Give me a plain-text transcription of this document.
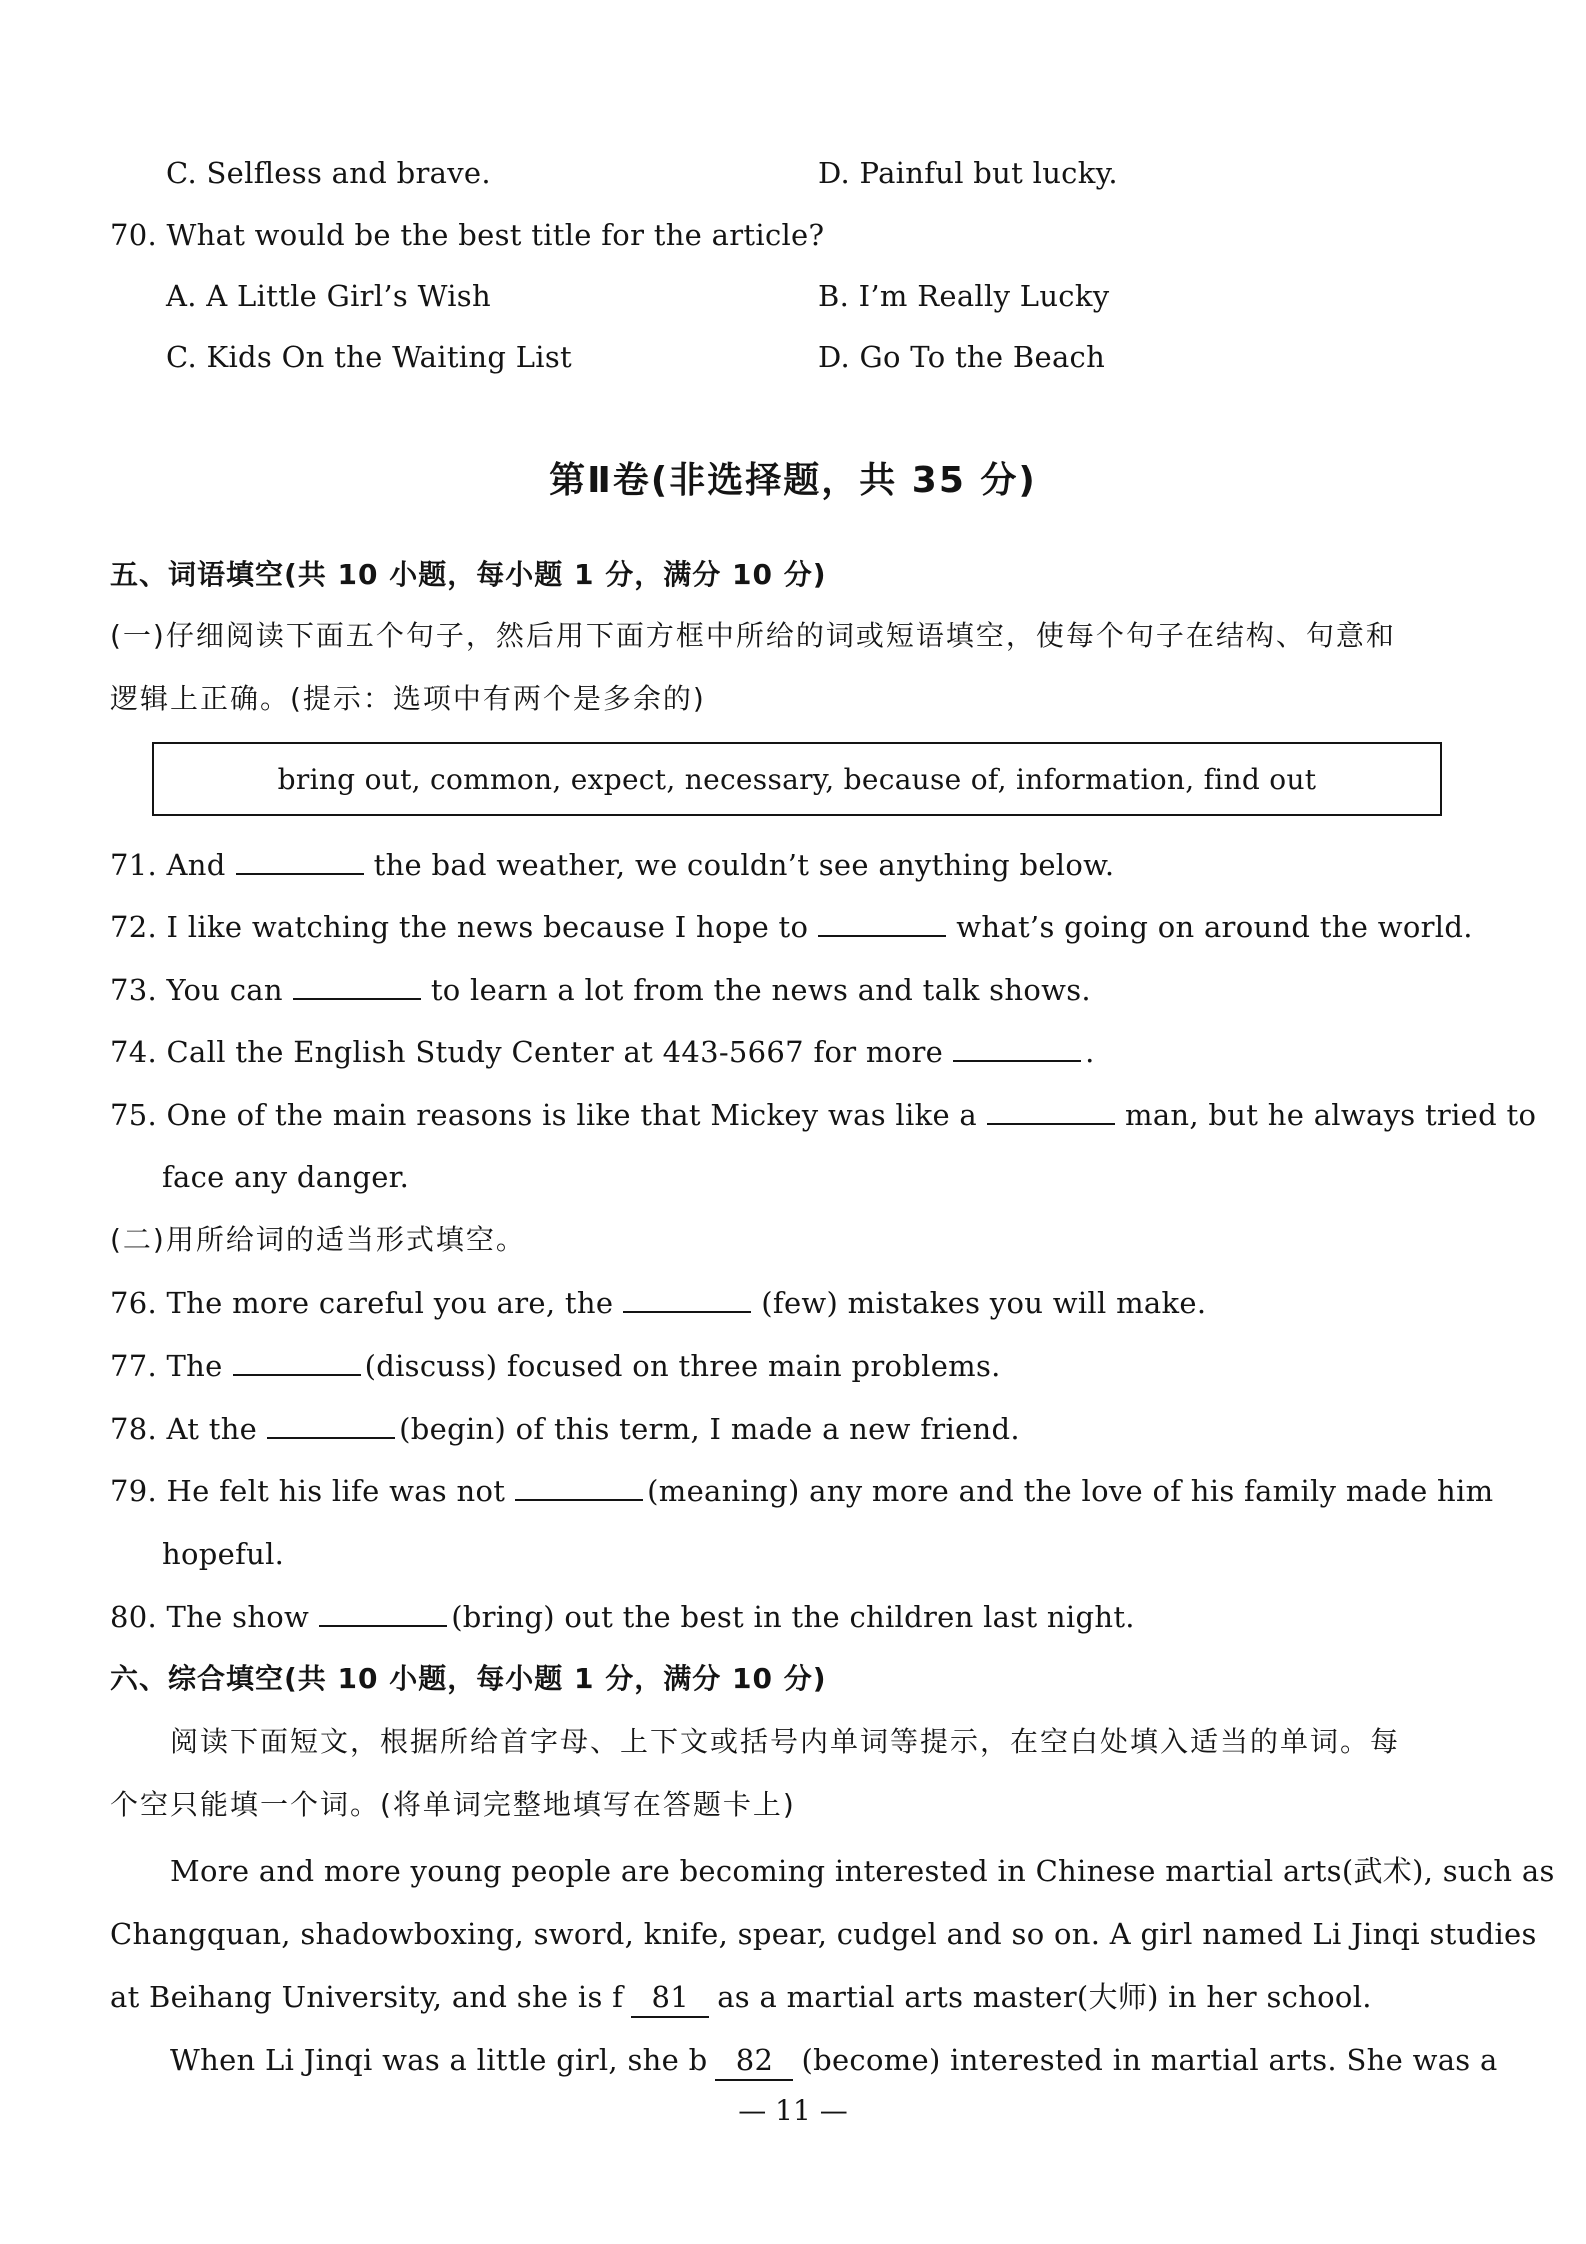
C. Selfless and brave.	D. Painful but lucky.
70. What would be the best title for the article?
A. A Little Girl’s Wish	B. I’m Really Lucky
C. Kids On the Waiting List	D. Go To the Beach
第Ⅱ卷(非选择题，共 35 分)
五、词语填空(共 10 小题，每小题 1 分，满分 10 分)
(一)仔细阅读下面五个句子，然后用下面方框中所给的词或短语填空，使每个句子在结构、句意和
逻辑上正确。(提示：选项中有两个是多余的)
bring out, common, expect, necessary, because of, information, find out
71. And	the bad weather, we couldn’t see anything below.
72. I like watching the news because I hope to	what’s going on around the world.
73. You can	to learn a lot from the news and talk shows.
74. Call the English Study Center at 443-5667 for more	.
75. One of the main reasons is like that Mickey was like a	man, but he always tried to
face any danger.
(二)用所给词的适当形式填空。
76. The more careful you are, the	(few) mistakes you will make.
77. The	(discuss) focused on three main problems.
78. At the	(begin) of this term, I made a new friend.
79. He felt his life was not	(meaning) any more and the love of his family made him
hopeful.
80. The show	(bring) out the best in the children last night.
六、综合填空(共 10 小题，每小题 1 分，满分 10 分)
阅读下面短文，根据所给首字母、上下文或括号内单词等提示，在空白处填入适当的单词。每
个空只能填一个词。(将单词完整地填写在答题卡上)
More and more young people are becoming interested in Chinese martial arts(武术), such as
Changquan, shadowboxing, sword, knife, spear, cudgel and so on. A girl named Li Jinqi studies
at Beihang University, and she is f 81 as a martial arts master(大师) in her school.
When Li Jinqi was a little girl, she b 82 (become) interested in martial arts. She was a
— 11 —
